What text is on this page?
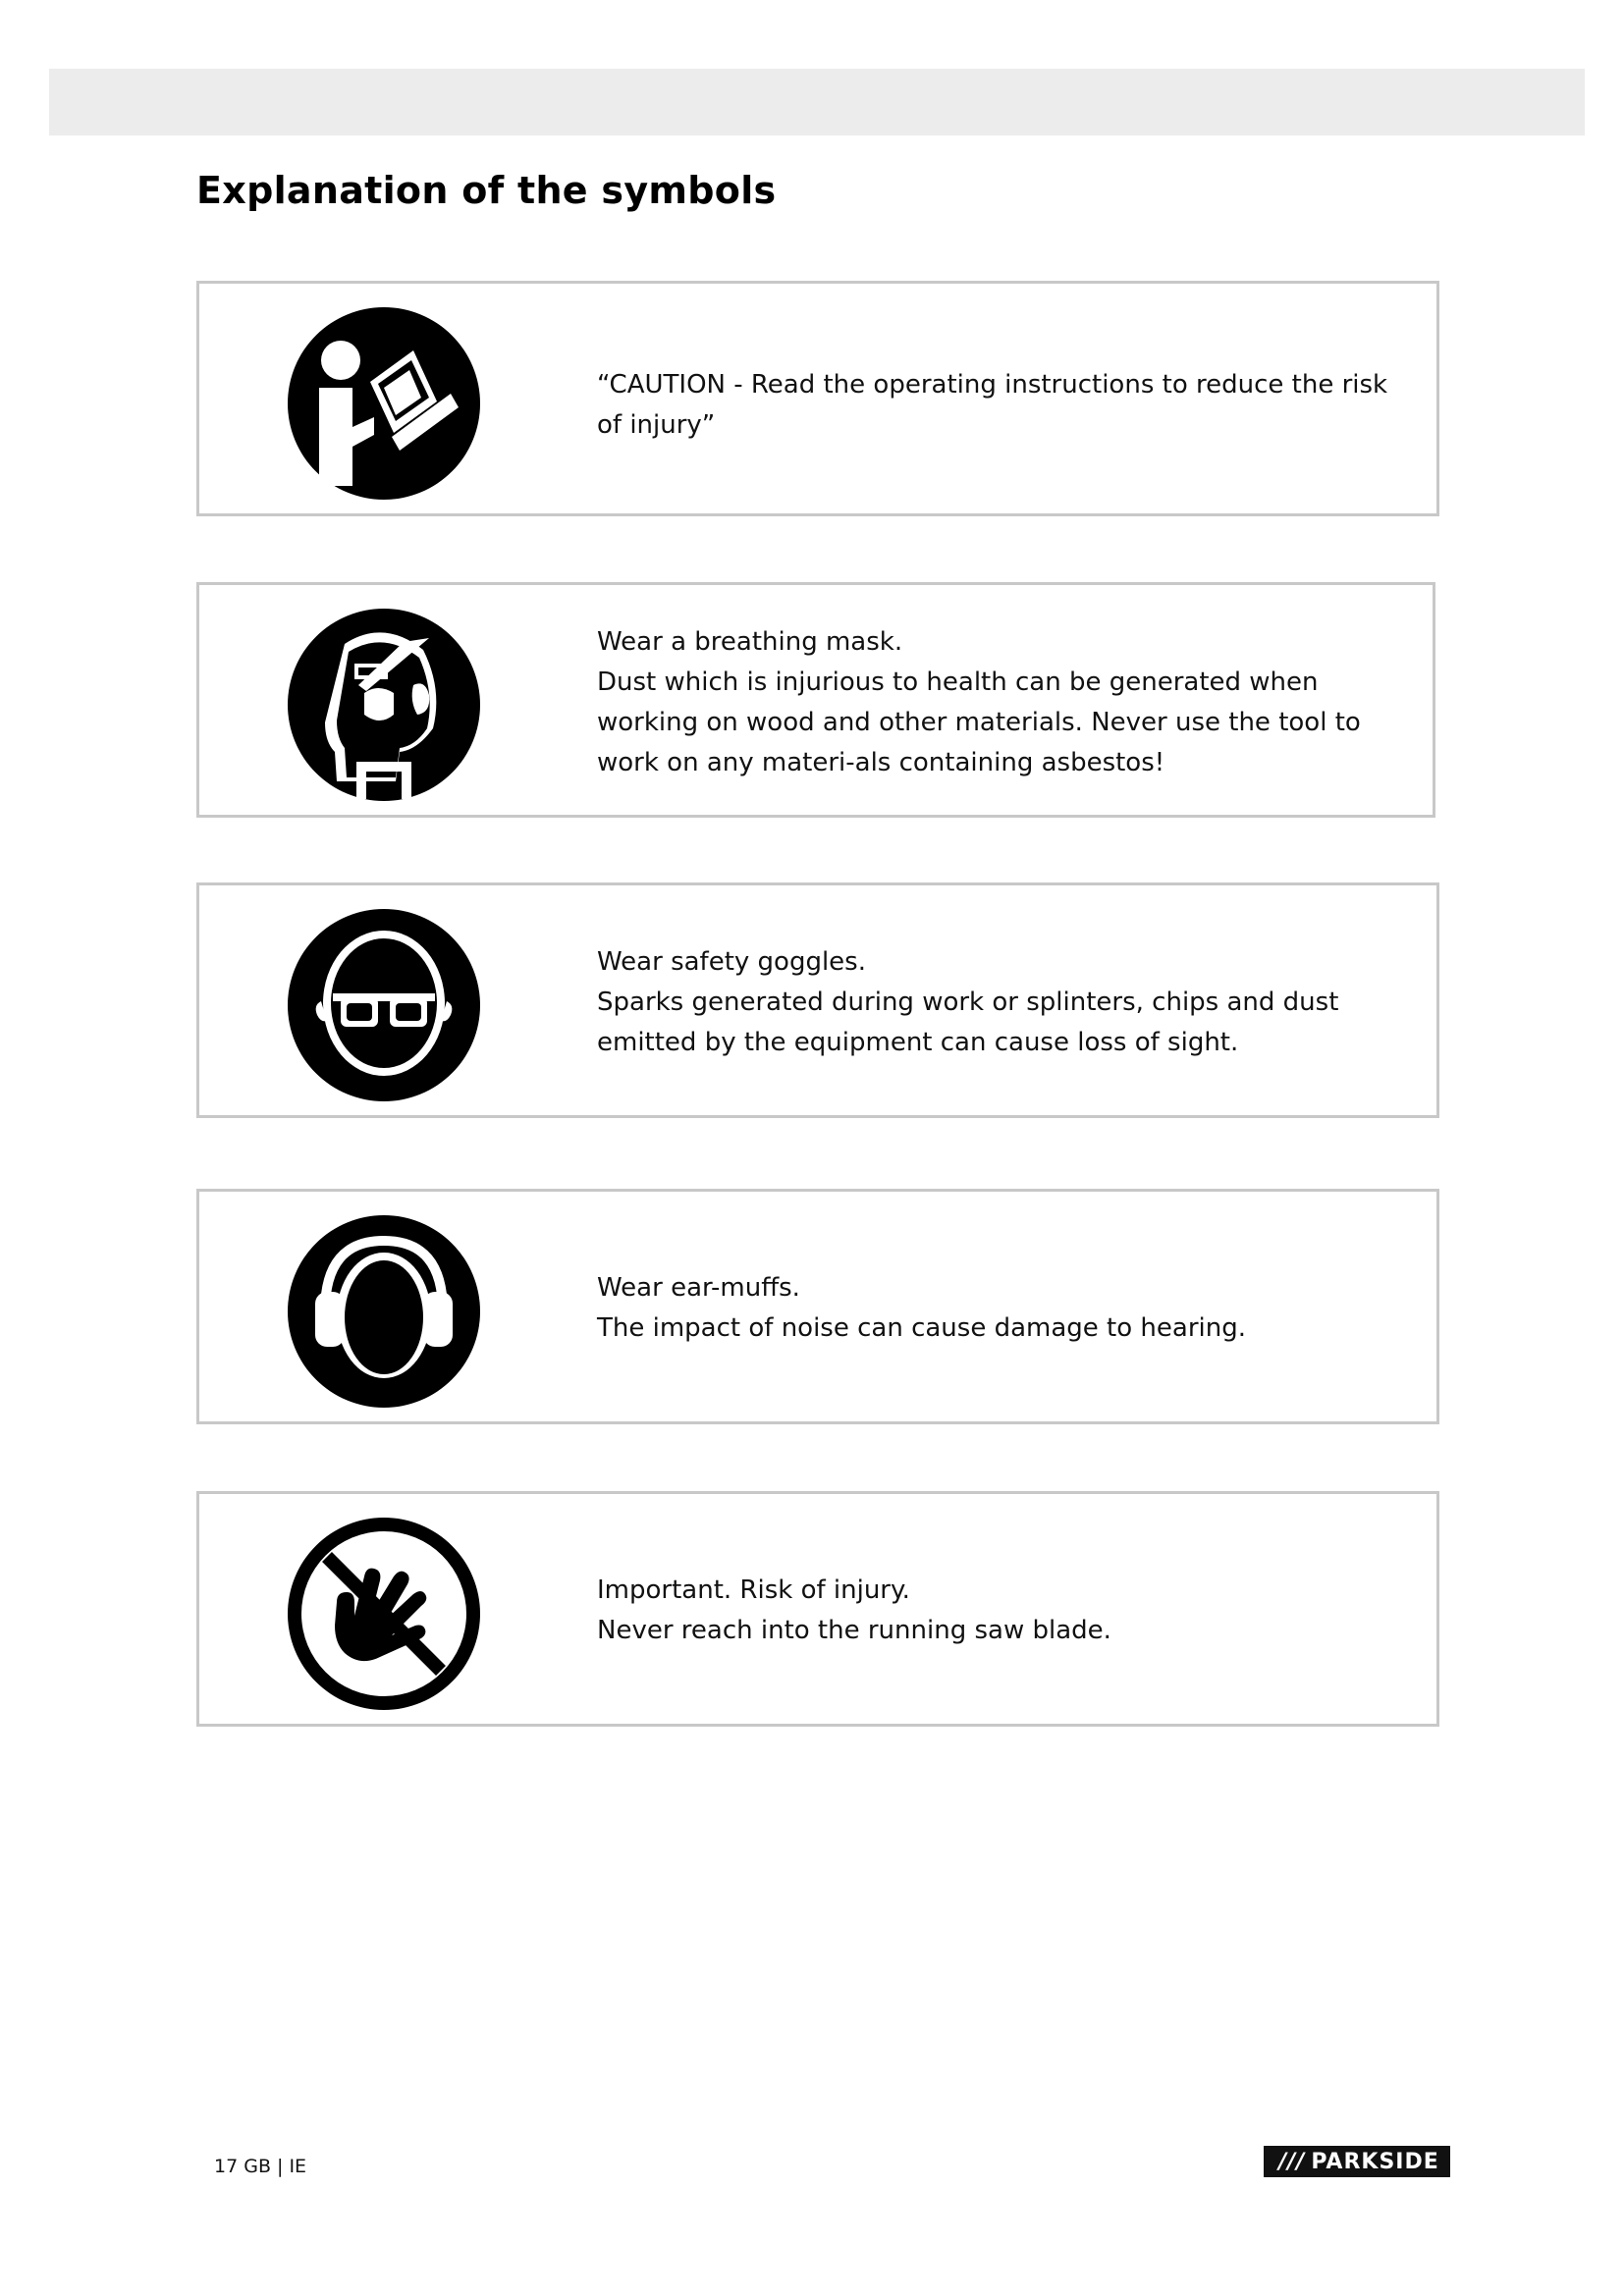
Explanation of the symbols

“CAUTION - Read the operating instructions to reduce the risk of injury”

Wear a breathing mask.

Dust which is injurious to health can be generated when working on wood and other materials. Never use the tool to work on any materi-als containing asbestos!

Wear safety goggles.

Sparks generated during work or splinters, chips and dust emitted by the equipment can cause loss of sight.

Wear ear-muffs.

The impact of noise can cause damage to hearing.

Important. Risk of injury.

Never reach into the running saw blade.

17 GB | IE	/// PARKSIDE
